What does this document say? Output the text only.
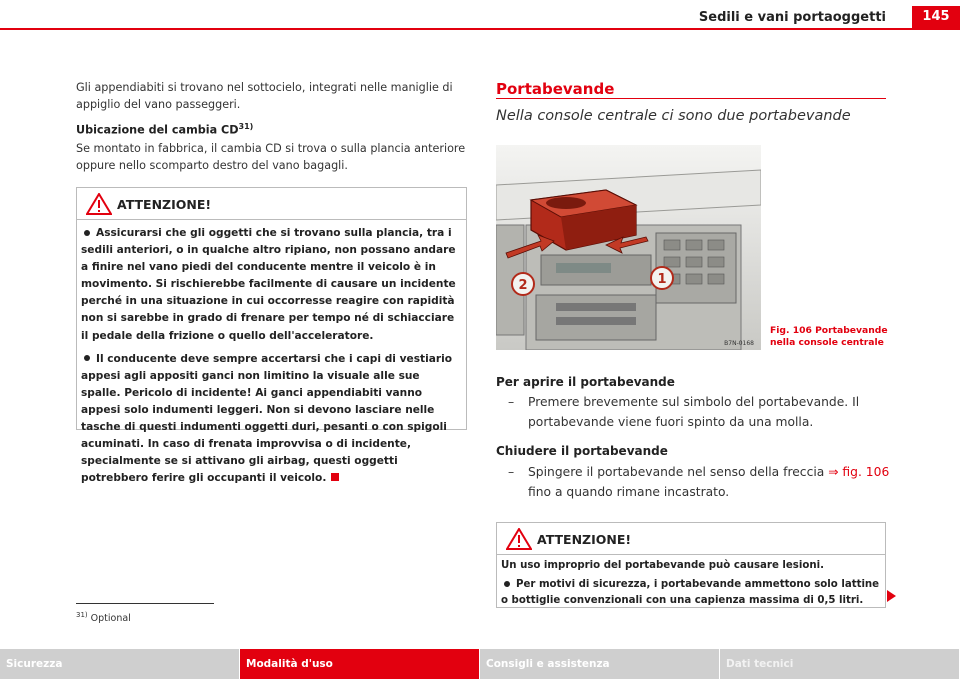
Sedili e vani portaoggetti	145
Gli appendiabiti si trovano nel sottocielo, integrati nelle maniglie di appiglio del vano passeggeri.
Ubicazione del cambia CD$^{31)}$
Se montato in fabbrica, il cambia CD si trova o sulla plancia anteriore oppure nello scomparto destro del vano bagagli.
ATTENZIONE!
Assicurarsi che gli oggetti che si trovano sulla plancia, tra i sedili anteriori, o in qualche altro ripiano, non possano andare a finire nel vano piedi del conducente mentre il veicolo è in movimento. Si rischierebbe facilmente di causare un incidente perché in una situazione in cui occorresse reagire con rapidità non si sarebbe in grado di frenare per tempo né di schiacciare il pedale della frizione o quello dell'acceleratore.
Il conducente deve sempre accertarsi che i capi di vestiario appesi agli appositi ganci non limitino la visuale alle sue spalle. Pericolo di incidente! Ai ganci appendiabiti vanno appesi solo indumenti leggeri. Non si devono lasciare nelle tasche di questi indumenti oggetti duri, pesanti o con spigoli acuminati. In caso di frenata improvvisa o di incidente, specialmente se si attivano gli airbag, questi oggetti potrebbero ferire gli occupanti il veicolo.
$^{31)}$ Optional
Portabevande
Nella console centrale ci sono due portabevande
2	1
B7N-0168
Fig. 106 Portabevande
nella console centrale
Per aprire il portabevande
– Premere brevemente sul simbolo del portabevande. Il portabevande viene fuori spinto da una molla.
Chiudere il portabevande
– Spingere il portabevande nel senso della freccia ⇒ fig. 106 fino a quando rimane incastrato.
ATTENZIONE!
Un uso improprio del portabevande può causare lesioni.
Per motivi di sicurezza, i portabevande ammettono solo lattine o bottiglie convenzionali con una capienza massima di 0,5 litri.
Sicurezza	Modalità d'uso	Consigli e assistenza	Dati tecnici
